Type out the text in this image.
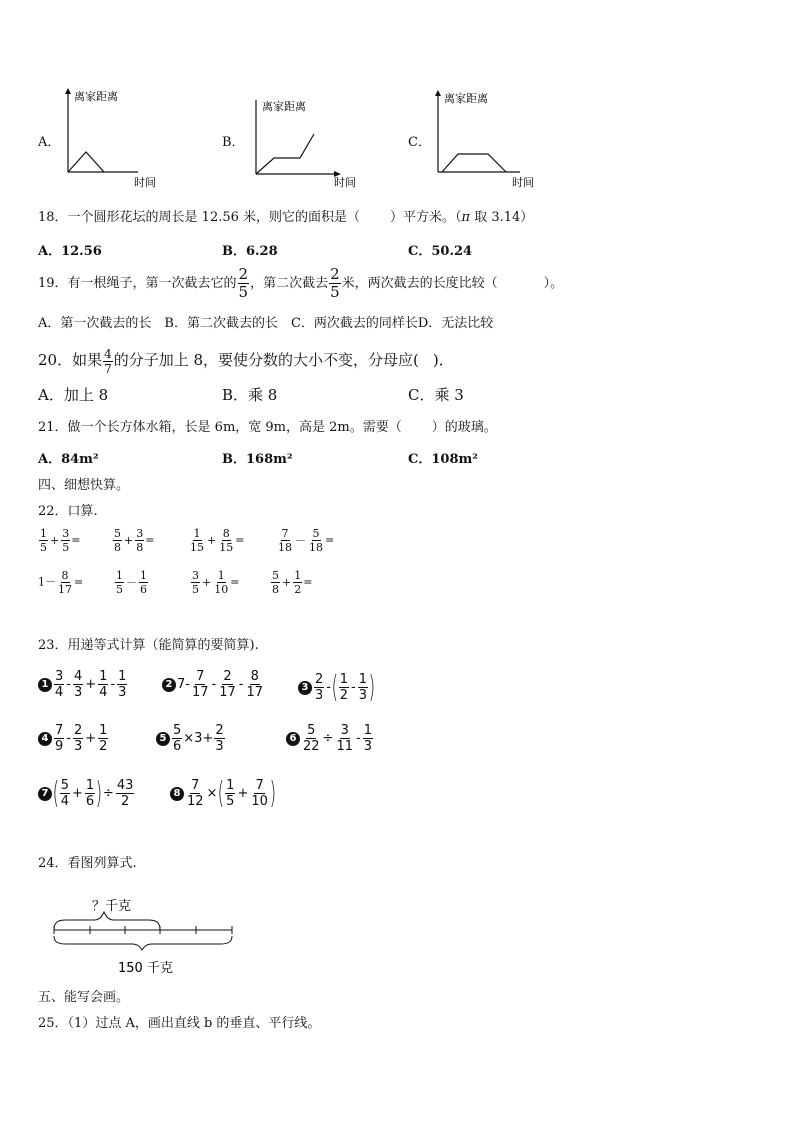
A．
离家距离
时间
B．
离家距离
时间
C．
离家距离
时间
18．一个圆形花坛的周长是 12.56 米，则它的面积是（ ）平方米。（π 取 3.14）
A．12.56	B．6.28	C．50.24
19．有一根绳子，第一次截去它的 $\frac{2}{5}$ ，第二次截去 $\frac{2}{5}$ 米，两次截去的长度比较（	）。
A．第一次截去的长　B．第二次截去的长　C．两次截去的同样长D．无法比较
20．如果 $\frac{4}{7}$ 的分子加上 8，要使分数的大小不变，分母应( )．
A．加上 8	B．乘 8	C．乘 3
21．做一个长方体水箱，长是 6m，宽 9m，高是 2m。需要（ ）的玻璃。
A．84m²	B．168m²	C．108m²
四、细想快算。
22．口算.
$\frac{1}{5} + \frac{3}{5}$ =	$\frac{5}{8} + \frac{3}{8}$ =	$\frac{1}{15} + \frac{8}{15}$ =	$\frac{7}{18} - \frac{5}{18}$ =
$1- \frac{8}{17}$ =	$\frac{1}{5} - \frac{1}{6}$	$\frac{3}{5} + \frac{1}{10}$ =	$\frac{5}{8} + \frac{1}{2}$ =
23．用递等式计算（能简算的要简算).
$1 \frac{3}{4} - \frac{4}{3} + \frac{1}{4} - \frac{1}{3}$	2 $7- \frac{7}{17} - \frac{2}{17} - \frac{8}{17}$	$3 \frac{2}{3}$ -( $\frac{1}{2} - \frac{1}{3}$ )
$4 \frac{7}{9} - \frac{2}{3} + \frac{1}{2}$	$5 \frac{5}{6} \times 3+ \frac{2}{3}$	$6 \frac{5}{22} \div \frac{3}{11} - \frac{1}{3}$
7 ( $\frac{5}{4} + \frac{1}{6}$ )÷ $\frac{43}{2}$	$8 \frac{7}{12}$ ×( $\frac{1}{5} + \frac{7}{10}$ )
24．看图列算式.
？千克
150 千克
五、能写会画。
25．（1）过点 A，画出直线 b 的垂直、平行线。
